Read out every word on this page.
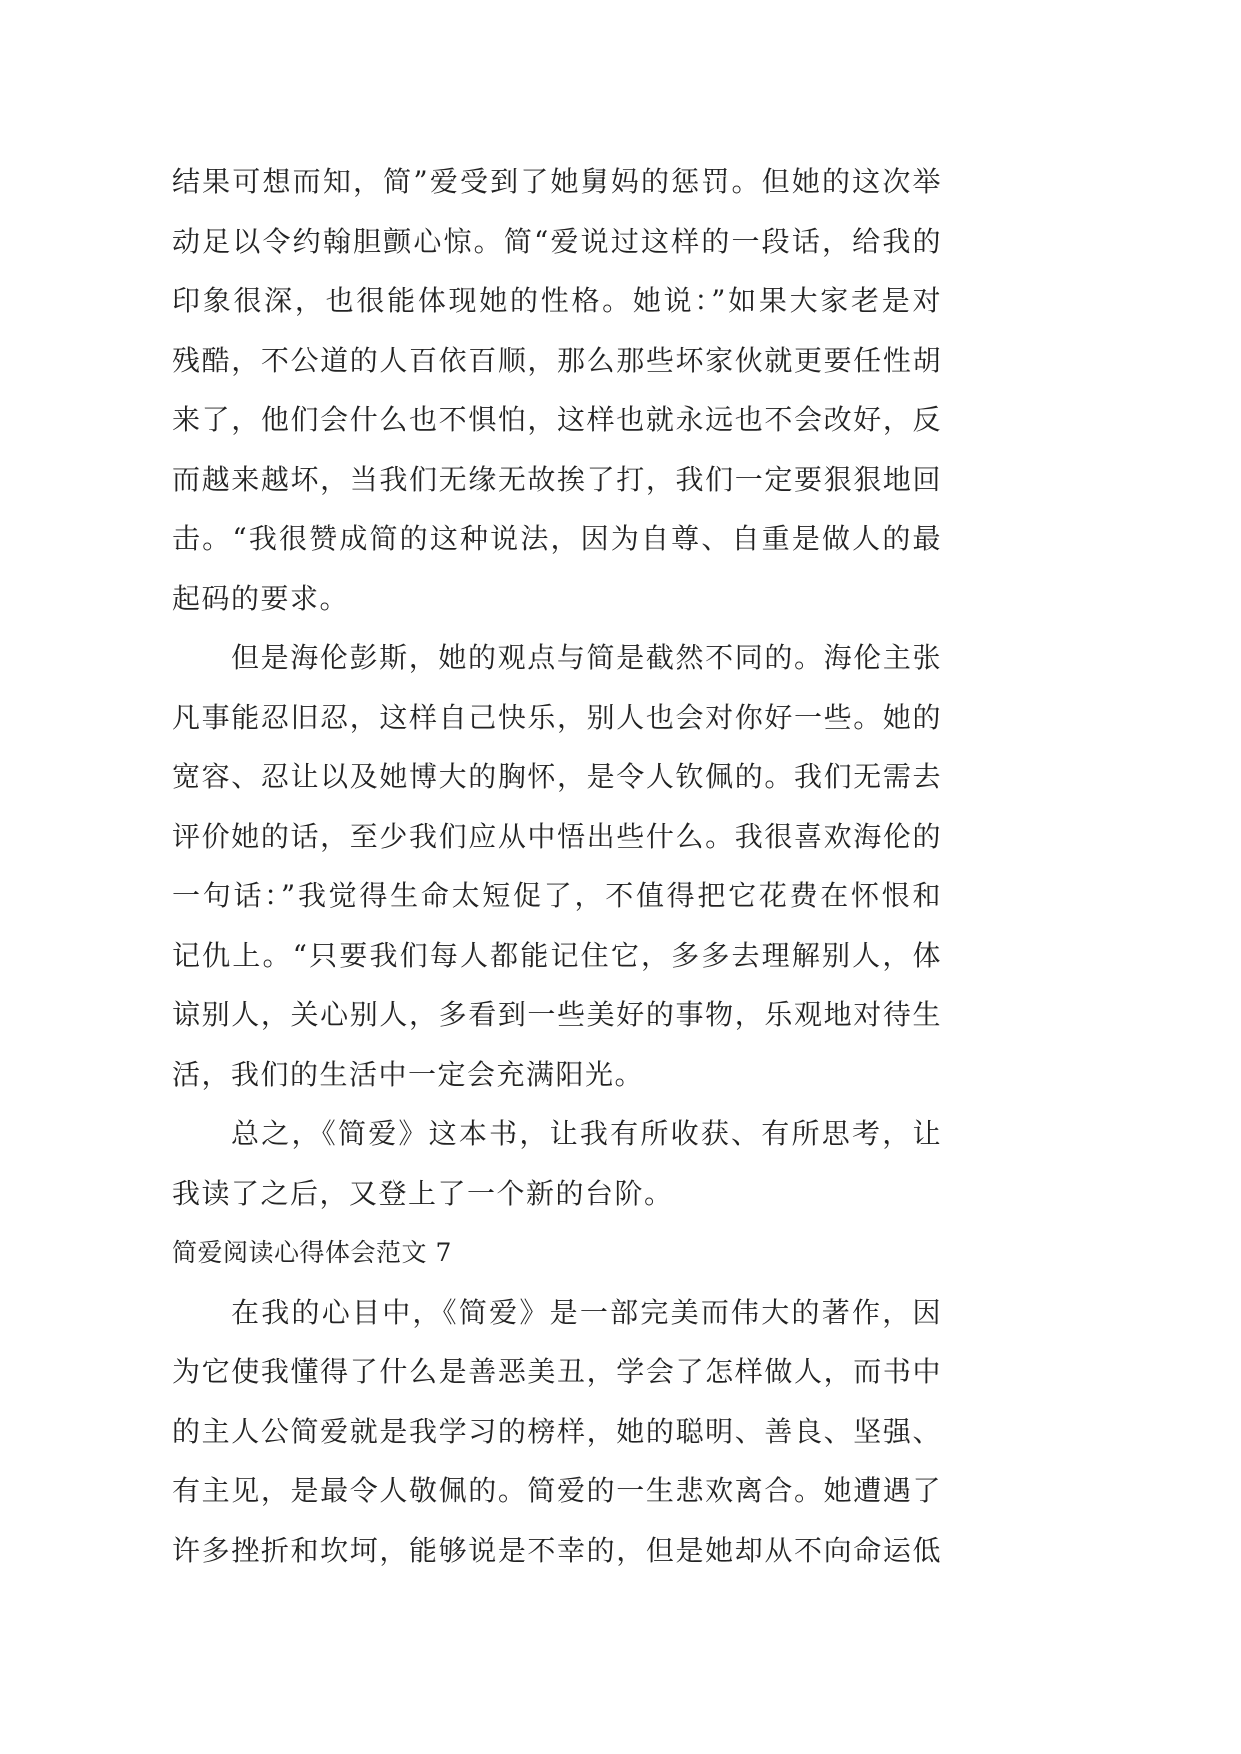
结果可想而知，简”爱受到了她舅妈的惩罚。但她的这次举
动足以令约翰胆颤心惊。简“爱说过这样的一段话，给我的
印象很深，也很能体现她的性格。她说：”如果大家老是对
残酷，不公道的人百依百顺，那么那些坏家伙就更要任性胡
来了，他们会什么也不惧怕，这样也就永远也不会改好，反
而越来越坏，当我们无缘无故挨了打，我们一定要狠狠地回
击。“我很赞成简的这种说法，因为自尊、自重是做人的最
起码的要求。
但是海伦彭斯，她的观点与简是截然不同的。海伦主张
凡事能忍旧忍，这样自己快乐，别人也会对你好一些。她的
宽容、忍让以及她博大的胸怀，是令人钦佩的。我们无需去
评价她的话，至少我们应从中悟出些什么。我很喜欢海伦的
一句话：”我觉得生命太短促了，不值得把它花费在怀恨和
记仇上。“只要我们每人都能记住它，多多去理解别人，体
谅别人，关心别人，多看到一些美好的事物，乐观地对待生
活，我们的生活中一定会充满阳光。
总之，《简爱》这本书，让我有所收获、有所思考，让
我读了之后，又登上了一个新的台阶。
简爱阅读心得体会范文 7
在我的心目中，《简爱》是一部完美而伟大的著作，因
为它使我懂得了什么是善恶美丑，学会了怎样做人，而书中
的主人公简爱就是我学习的榜样，她的聪明、善良、坚强、
有主见，是最令人敬佩的。简爱的一生悲欢离合。她遭遇了
许多挫折和坎坷，能够说是不幸的，但是她却从不向命运低
